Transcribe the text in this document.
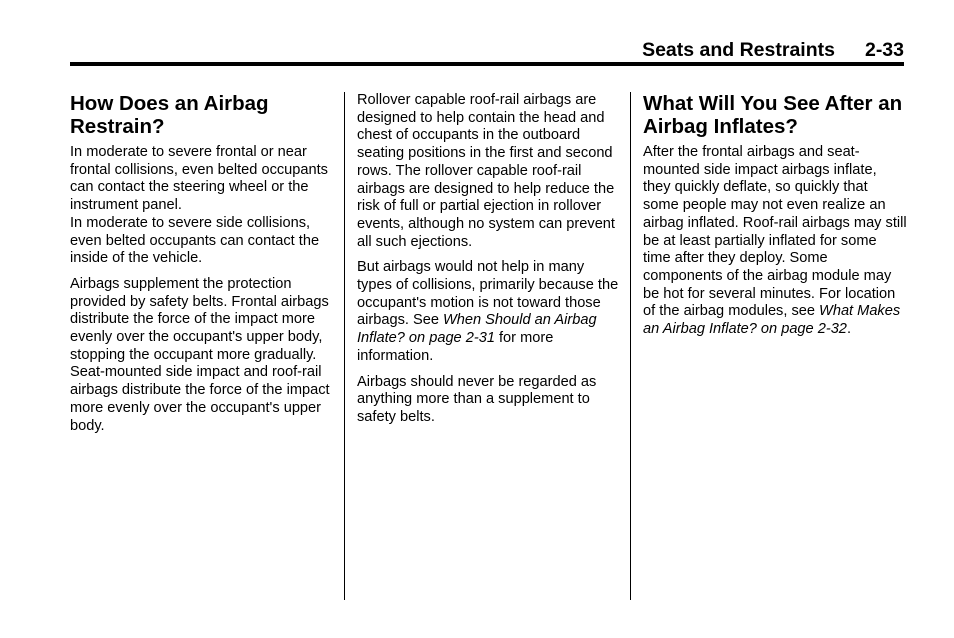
Seats and Restraints 2-33
How Does an Airbag Restrain?

In moderate to severe frontal or near frontal collisions, even belted occupants can contact the steering wheel or the instrument panel.

In moderate to severe side collisions, even belted occupants can contact the inside of the vehicle.

Airbags supplement the protection provided by safety belts. Frontal airbags distribute the force of the impact more evenly over the occupant's upper body, stopping the occupant more gradually.

Seat-mounted side impact and roof-rail airbags distribute the force of the impact more evenly over the occupant's upper body.

Rollover capable roof-rail airbags are designed to help contain the head and chest of occupants in the outboard seating positions in the first and second rows. The rollover capable roof-rail airbags are designed to help reduce the risk of full or partial ejection in rollover events, although no system can prevent all such ejections.

But airbags would not help in many types of collisions, primarily because the occupant's motion is not toward those airbags. See When Should an Airbag Inflate? on page 2-31 for more information.

Airbags should never be regarded as anything more than a supplement to safety belts.

What Will You See After an Airbag Inflates?

After the frontal airbags and seat-mounted side impact airbags inflate, they quickly deflate, so quickly that some people may not even realize an airbag inflated. Roof-rail airbags may still be at least partially inflated for some time after they deploy. Some components of the airbag module may be hot for several minutes. For location of the airbag modules, see What Makes an Airbag Inflate? on page 2-32.
